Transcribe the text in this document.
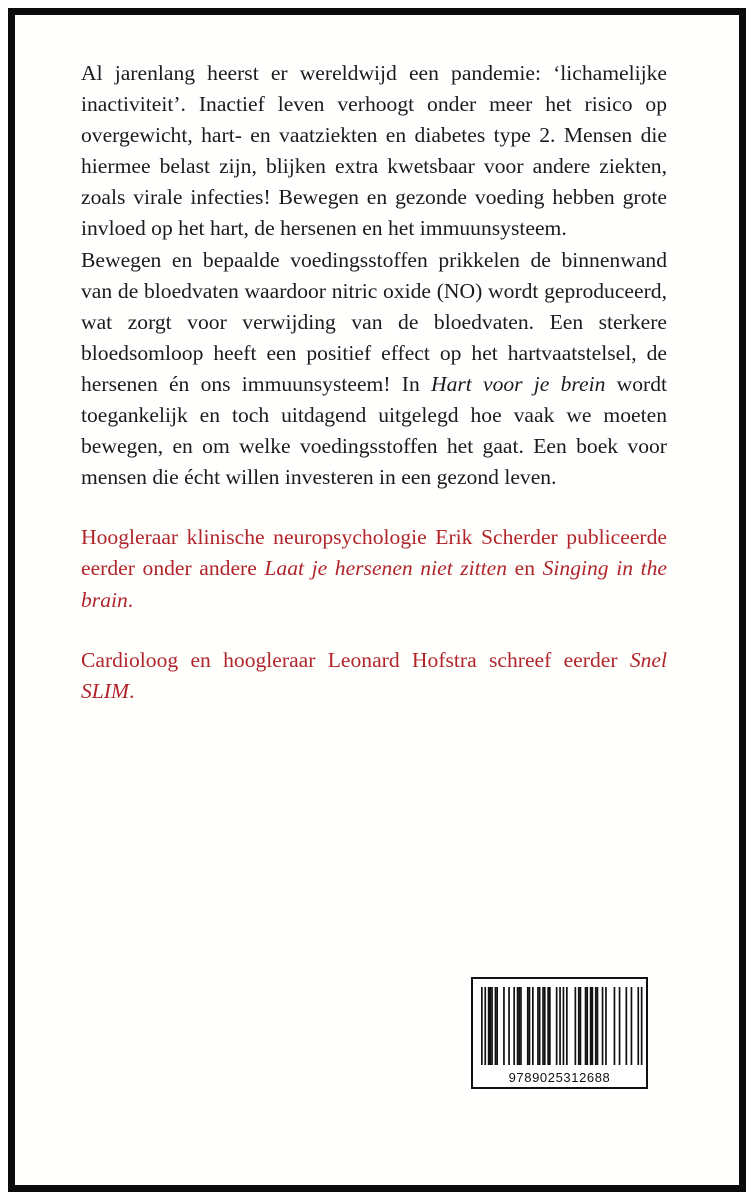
Al jarenlang heerst er wereldwijd een pandemie: ‘lichamelijke inactiviteit’. Inactief leven verhoogt onder meer het risico op overgewicht, hart- en vaatziekten en diabetes type 2. Mensen die hiermee belast zijn, blijken extra kwetsbaar voor andere ziekten, zoals virale infecties! Bewegen en gezonde voeding hebben grote invloed op het hart, de hersenen en het immuunsysteem.

Bewegen en bepaalde voedingsstoffen prikkelen de binnenwand van de bloedvaten waardoor nitric oxide (NO) wordt geproduceerd, wat zorgt voor verwijding van de bloedvaten. Een sterkere bloedsomloop heeft een positief effect op het hartvaatstelsel, de hersenen én ons immuunsysteem! In Hart voor je brein wordt toegankelijk en toch uitdagend uitgelegd hoe vaak we moeten bewegen, en om welke voedingsstoffen het gaat. Een boek voor mensen die écht willen investeren in een gezond leven.

Hoogleraar klinische neuropsychologie Erik Scherder publiceerde eerder onder andere Laat je hersenen niet zitten en Singing in the brain.

Cardioloog en hoogleraar Leonard Hofstra schreef eerder Snel SLIM.

9789025312688
